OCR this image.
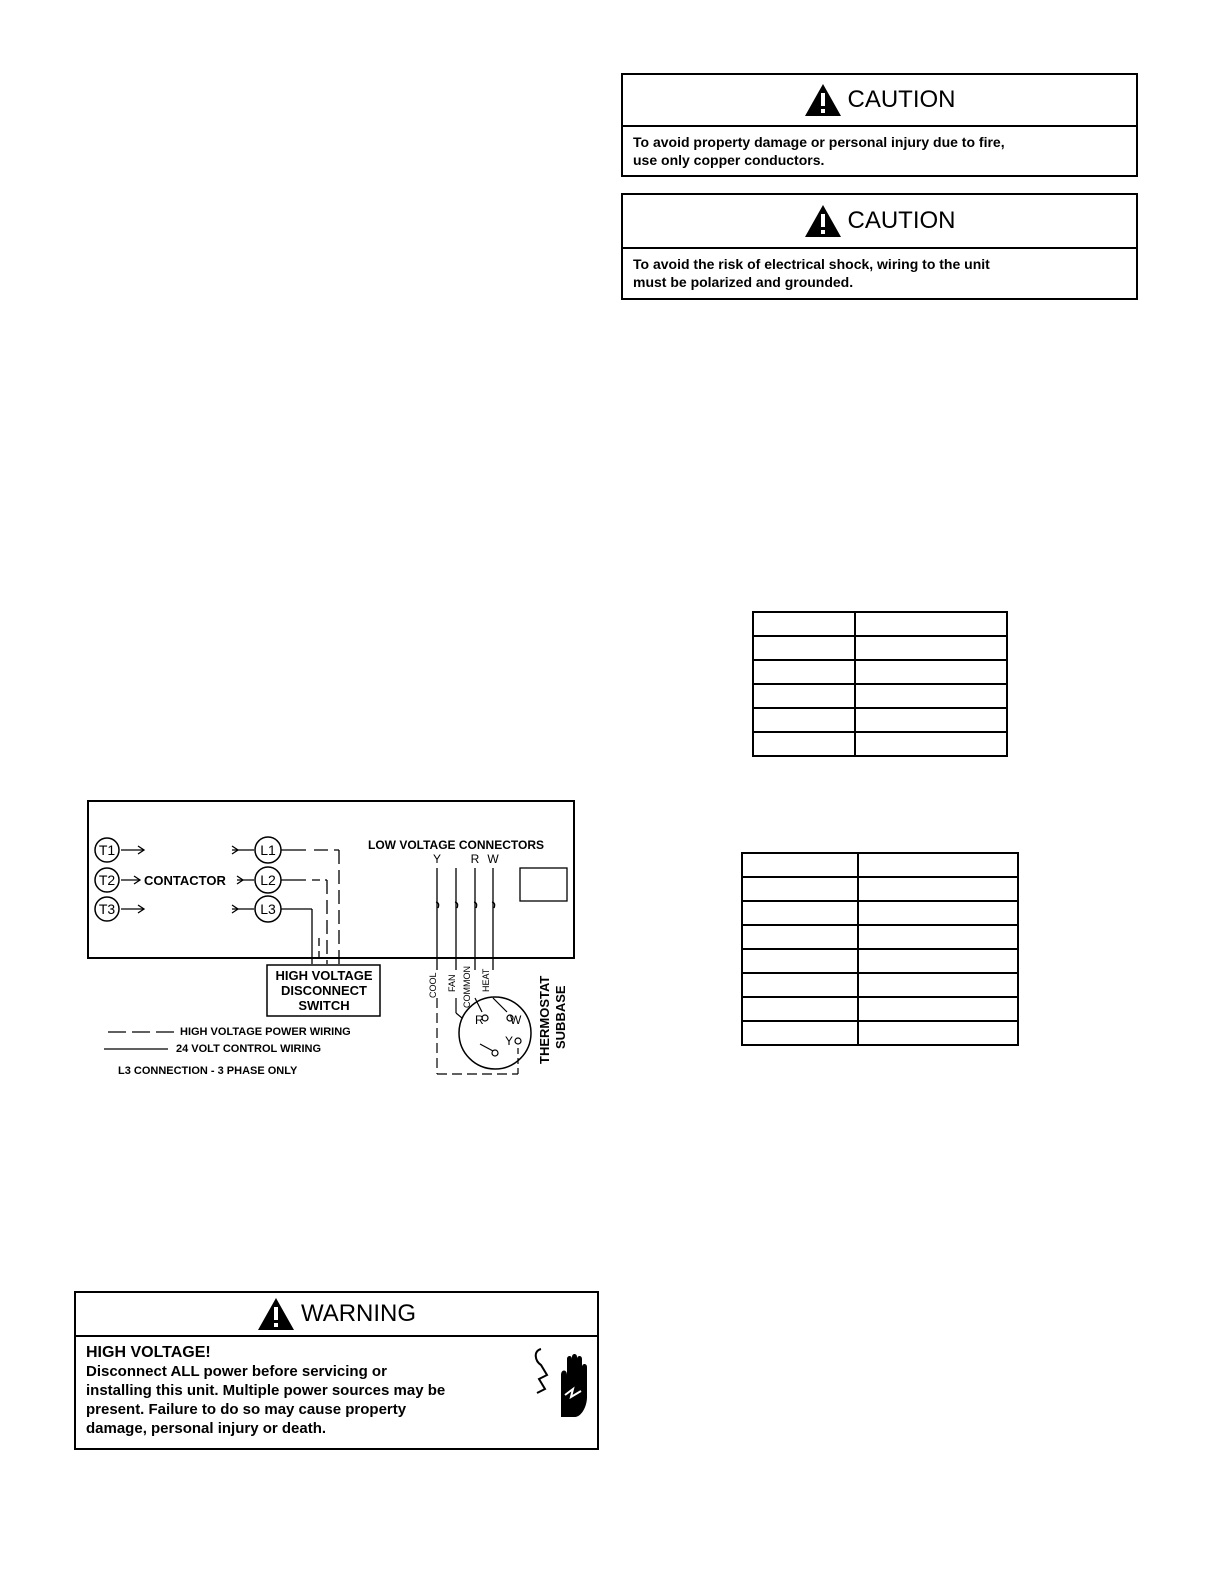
CAUTION
To avoid property damage or personal injury due to fire,
use only copper conductors.
CAUTION
To avoid the risk of electrical shock, wiring to the unit
must be polarized and grounded.

T1
T2
T3
CONTACTOR
L1
L2
L3
HIGH VOLTAGE
DISCONNECT
SWITCH
LOW VOLTAGE CONNECTORS
Y R W
COOL FAN COMMON HEAT
R W
Y THERMOSTAT SUBBASE
HIGH VOLTAGE POWER WIRING
24 VOLT CONTROL WIRING
L3 CONNECTION - 3 PHASE ONLY
WARNING
HIGH VOLTAGE!
Disconnect ALL power before servicing or
installing this unit. Multiple power sources may be
present. Failure to do so may cause property
damage, personal injury or death.
